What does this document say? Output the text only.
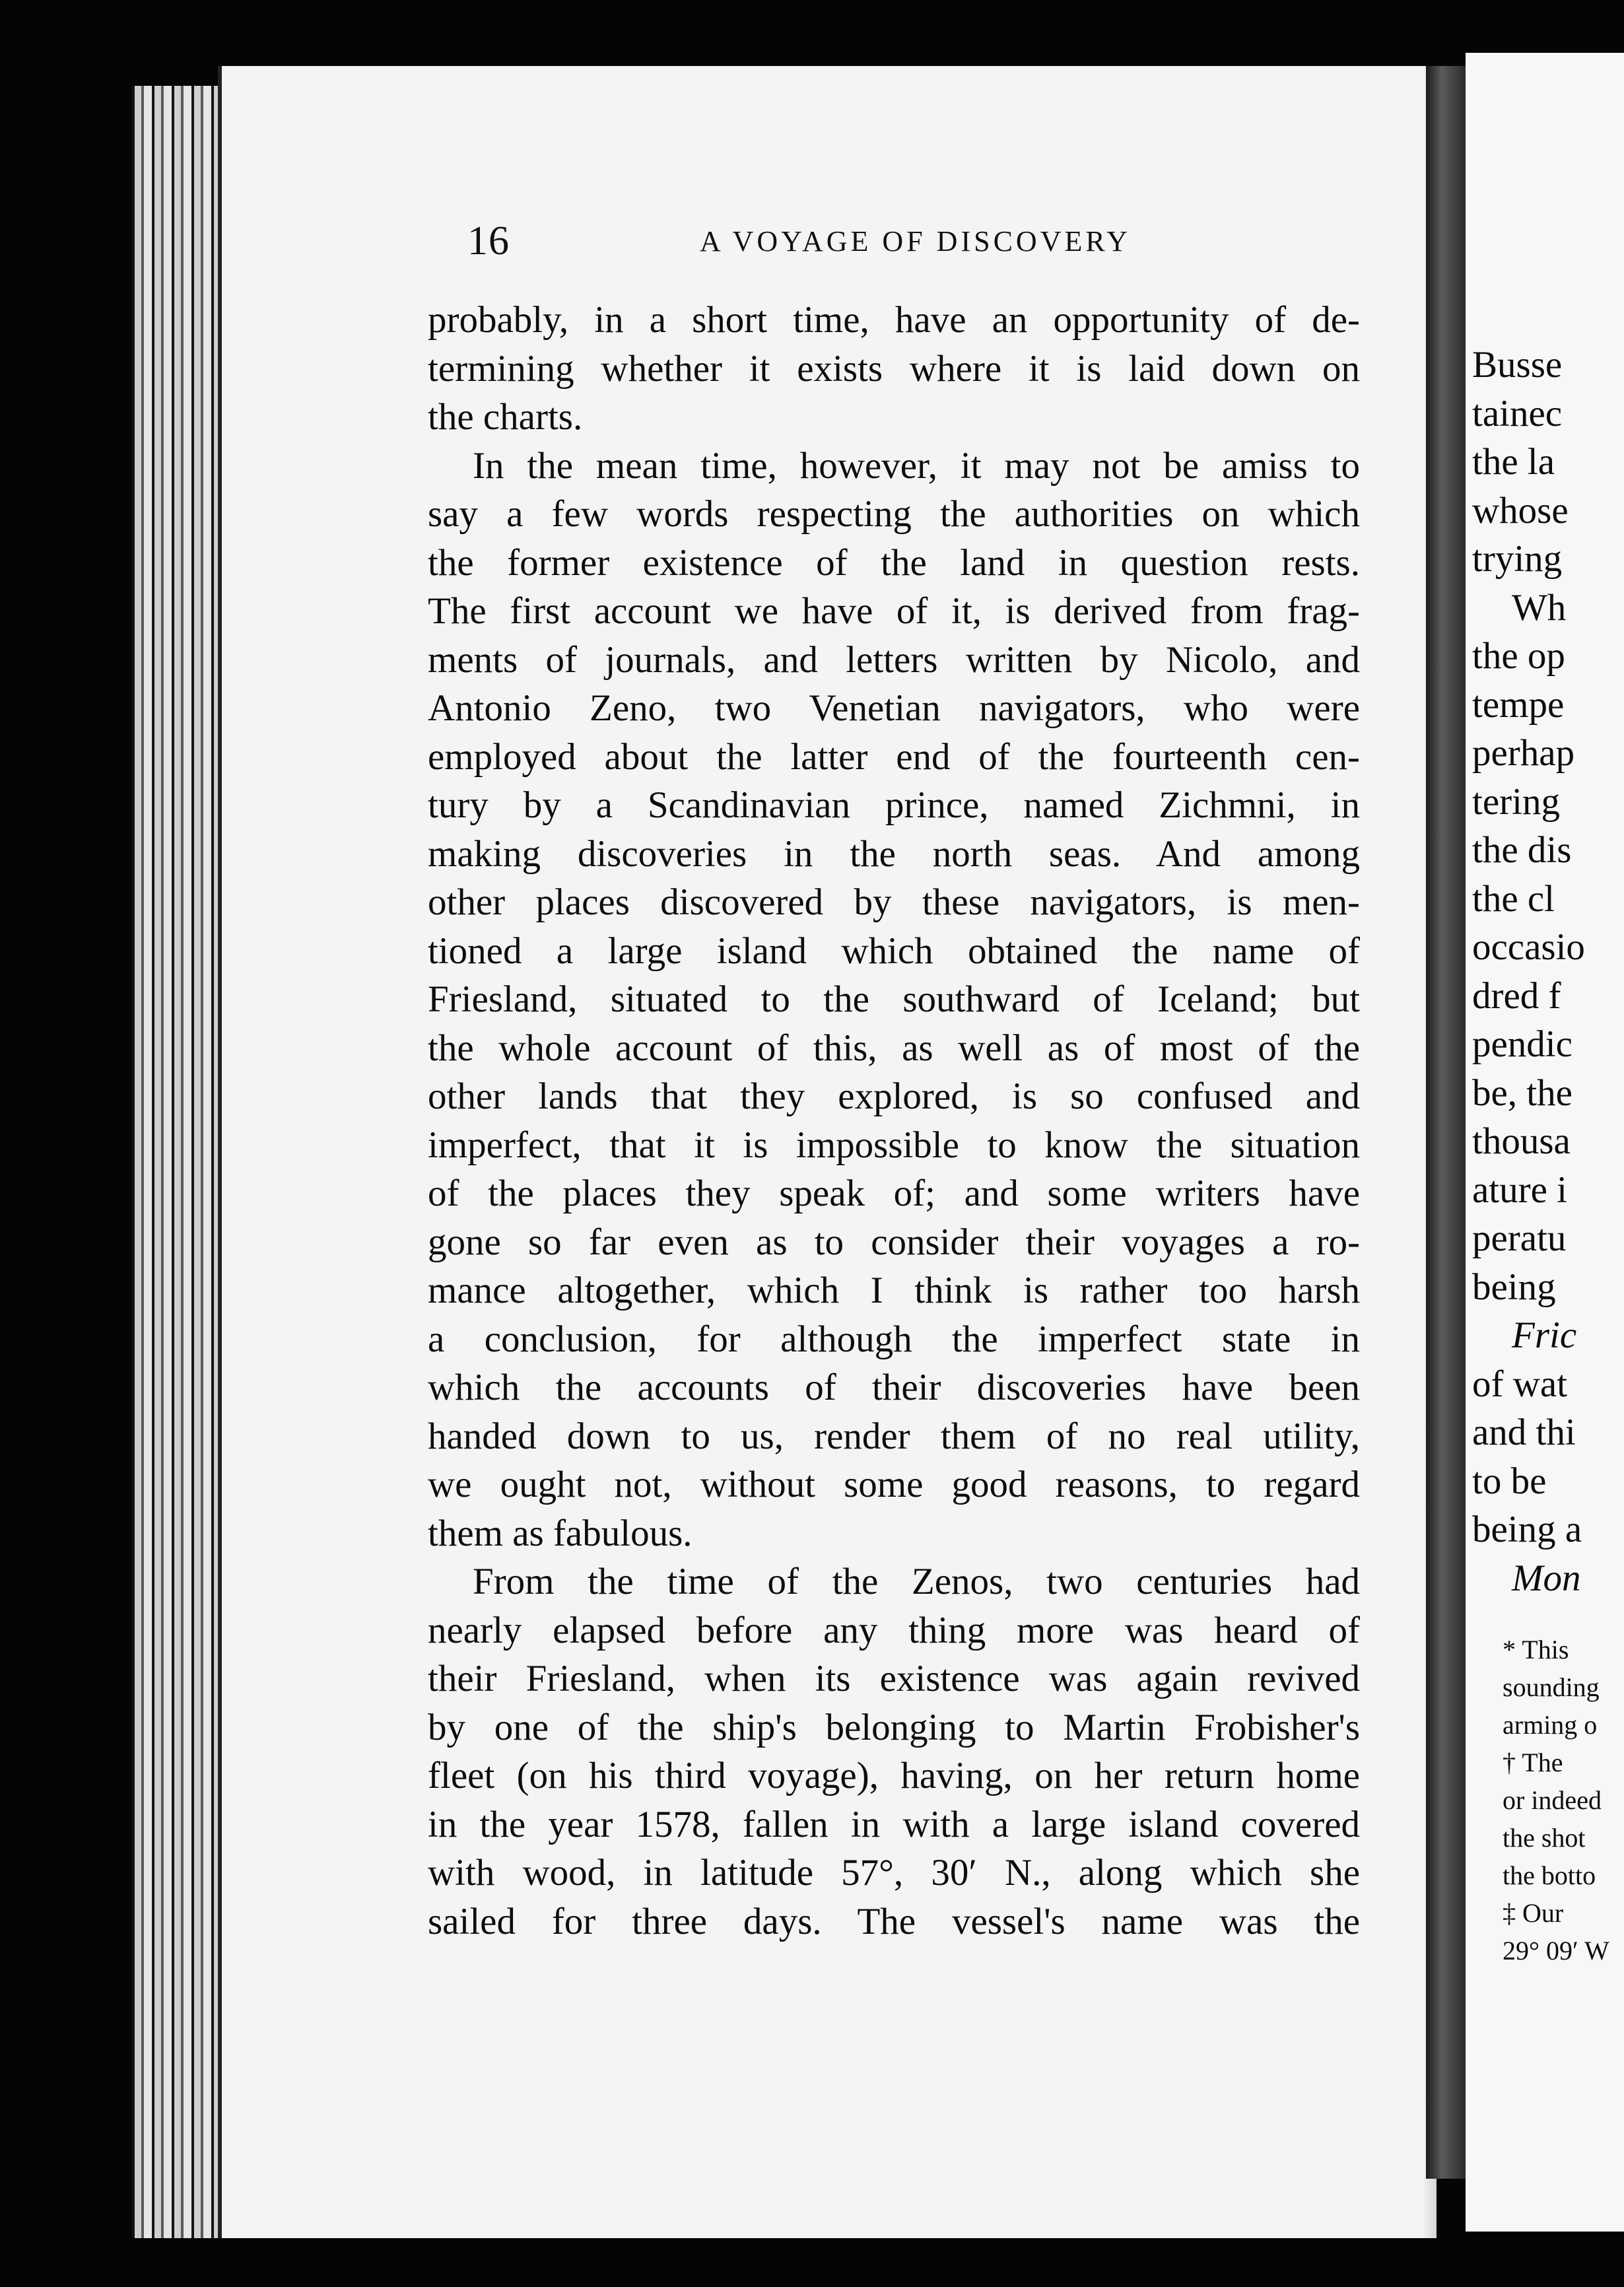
16	A VOYAGE OF DISCOVERY
probably, in a short time, have an opportunity of de-
termining whether it exists where it is laid down on
the charts.
In the mean time, however, it may not be amiss to
say a few words respecting the authorities on which
the former existence of the land in question rests.
The first account we have of it, is derived from frag-
ments of journals, and letters written by Nicolo, and
Antonio Zeno, two Venetian navigators, who were
employed about the latter end of the fourteenth cen-
tury by a Scandinavian prince, named Zichmni, in
making discoveries in the north seas. And among
other places discovered by these navigators, is men-
tioned a large island which obtained the name of
Friesland, situated to the southward of Iceland; but
the whole account of this, as well as of most of the
other lands that they explored, is so confused and
imperfect, that it is impossible to know the situation
of the places they speak of; and some writers have
gone so far even as to consider their voyages a ro-
mance altogether, which I think is rather too harsh
a conclusion, for although the imperfect state in
which the accounts of their discoveries have been
handed down to us, render them of no real utility,
we ought not, without some good reasons, to regard
them as fabulous.
From the time of the Zenos, two centuries had
nearly elapsed before any thing more was heard of
their Friesland, when its existence was again revived
by one of the ship's belonging to Martin Frobisher's
fleet (on his third voyage), having, on her return home
in the year 1578, fallen in with a large island covered
with wood, in latitude 57°, 30′ N., along which she
sailed for three days. The vessel's name was the
Busse
tainec
the la
whose
trying
Wh
the op
tempe
perhap
tering
the dis
the cl
occasio
dred f
pendic
be, the
thousa
ature i
peratu
being
Fric
of wat
and thi
to be
being a
Mon
* This
sounding
arming o
† The
or indeed
the shot
the botto
‡ Our
29° 09′ W
